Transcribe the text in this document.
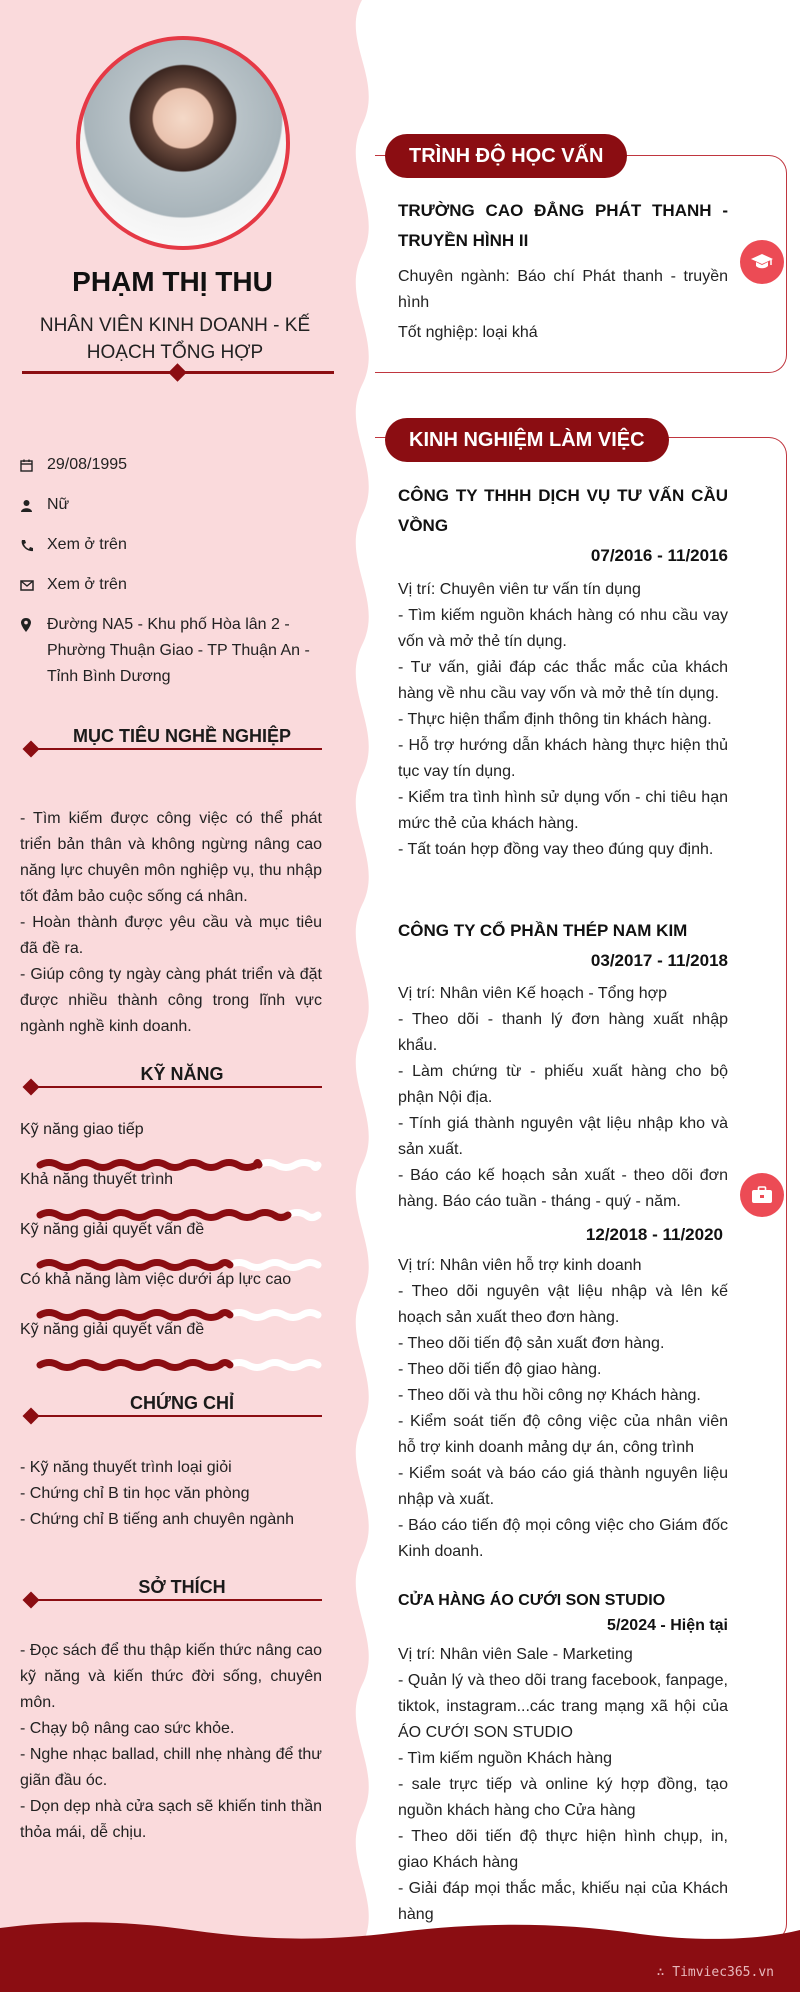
PHẠM THỊ THU
NHÂN VIÊN KINH DOANH - KẾ HOẠCH TỔNG HỢP
29/08/1995
Nữ
Xem ở trên
Xem ở trên
Đường NA5 - Khu phố Hòa lân 2 - Phường Thuận Giao - TP Thuận An - Tỉnh Bình Dương
MỤC TIÊU NGHỀ NGHIỆP
- Tìm kiếm được công việc có thể phát triển bản thân và không ngừng nâng cao năng lực chuyên môn nghiệp vụ, thu nhập tốt đảm bảo cuộc sống cá nhân.
- Hoàn thành được yêu cầu và mục tiêu đã đề ra.
- Giúp công ty ngày càng phát triển và đặt được nhiều thành công trong lĩnh vực ngành nghề kinh doanh.
KỸ NĂNG
Kỹ năng giao tiếp
Khả năng thuyết trình
Kỹ năng giải quyết vấn đề
Có khả năng làm việc dưới áp lực cao
Kỹ năng giải quyết vấn đề
CHỨNG CHỈ
- Kỹ năng thuyết trình loại giỏi
- Chứng chỉ B tin học văn phòng
- Chứng chỉ B tiếng anh chuyên ngành
SỞ THÍCH
- Đọc sách để thu thập kiến thức nâng cao kỹ năng và kiến thức đời sống, chuyên môn.
- Chạy bộ nâng cao sức khỏe.
- Nghe nhạc ballad, chill nhẹ nhàng để thư giãn đầu óc.
- Dọn dẹp nhà cửa sạch sẽ khiến tinh thần thỏa mái, dễ chịu.
TRÌNH ĐỘ HỌC VẤN
TRƯỜNG CAO ĐẲNG PHÁT THANH - TRUYỀN HÌNH II
Chuyên ngành: Báo chí Phát thanh - truyền hình
Tốt nghiệp: loại khá
KINH NGHIỆM LÀM VIỆC
CÔNG TY THHH DỊCH VỤ TƯ VẤN CẦU VỒNG
07/2016 - 11/2016
Vị trí: Chuyên viên tư vấn tín dụng
- Tìm kiếm nguồn khách hàng có nhu cầu vay vốn và mở thẻ tín dụng.
- Tư vấn, giải đáp các thắc mắc của khách hàng về nhu cầu vay vốn và mở thẻ tín dụng.
- Thực hiện thẩm định thông tin khách hàng.
- Hỗ trợ hướng dẫn khách hàng thực hiện thủ tục vay tín dụng.
- Kiểm tra tình hình sử dụng vốn - chi tiêu hạn mức thẻ của khách hàng.
- Tất toán hợp đồng vay theo đúng quy định.
CÔNG TY CỔ PHẦN THÉP NAM KIM
03/2017 - 11/2018
Vị trí: Nhân viên Kế hoạch - Tổng hợp
- Theo dõi - thanh lý đơn hàng xuất nhập khẩu.
- Làm chứng từ - phiếu xuất hàng cho bộ phận Nội địa.
- Tính giá thành nguyên vật liệu nhập kho và sản xuất.
- Báo cáo kế hoạch sản xuất - theo dõi đơn hàng. Báo cáo tuần - tháng - quý - năm.
12/2018 - 11/2020
Vị trí: Nhân viên hỗ trợ kinh doanh
- Theo dõi nguyên vật liệu nhập và lên kế hoạch sản xuất theo đơn hàng.
- Theo dõi tiến độ sản xuất đơn hàng.
- Theo dõi tiến độ giao hàng.
- Theo dõi và thu hồi công nợ Khách hàng.
- Kiểm soát tiến độ công việc của nhân viên hỗ trợ kinh doanh mảng dự án, công trình
- Kiểm soát và báo cáo giá thành nguyên liệu nhập và xuất.
- Báo cáo tiến độ mọi công việc cho Giám đốc Kinh doanh.
CỬA HÀNG ÁO CƯỚI SON STUDIO
5/2024 - Hiện tại
Vị trí: Nhân viên Sale - Marketing
- Quản lý và theo dõi trang facebook, fanpage, tiktok, instagram...các trang mạng xã hội của ÁO CƯỚI SON STUDIO
- Tìm kiếm nguồn Khách hàng
- sale trực tiếp và online ký hợp đồng, tạo nguồn khách hàng cho Cửa hàng
- Theo dõi tiến độ thực hiện hình chụp, in, giao Khách hàng
- Giải đáp mọi thắc mắc, khiếu nại của Khách hàng
∴ Timviec365.vn
